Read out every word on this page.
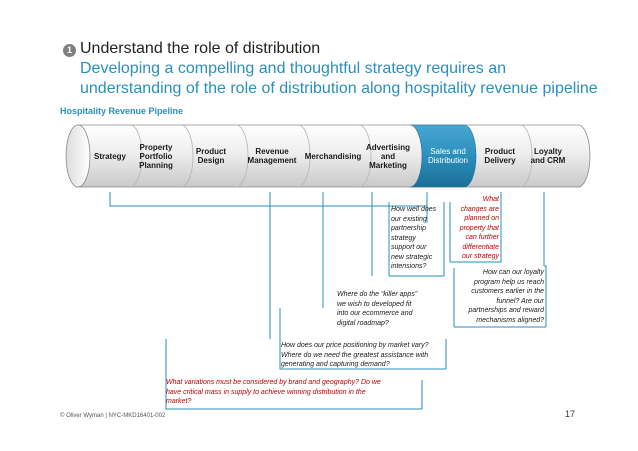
1 Understand the role of distribution
Developing a compelling and thoughtful strategy requires an
understanding of the role of distribution along hospitality revenue pipeline
Hospitality Revenue Pipeline
Strategy
Property
Portfolio
Planning
Product
Design
Revenue
Management	Merchandising
Advertising
and
Marketing
Sales and
Distribution
Product
Delivery
Loyalty
and CRM
How well does
our existing
partnership
strategy
support our
new strategic
intensions?
What
changes are
planned on
property that
can further
differentiate
our strategy
How can our loyalty
program help us reach
customers earlier in the
funnel? Are our
partnerships and reward
mechanisms aligned?
Where do the “killer apps”
we wish to developed fit
into our ecommerce and
digital roadmap?
How does our price positioning by market vary?
Where do we need the greatest assistance with
generating and capturing demand?
What variations must be considered by brand and geography? Do we
have critical mass in supply to achieve winning distribution in the
market?
© Oliver Wyman | NYC-MKD16401-002	17
